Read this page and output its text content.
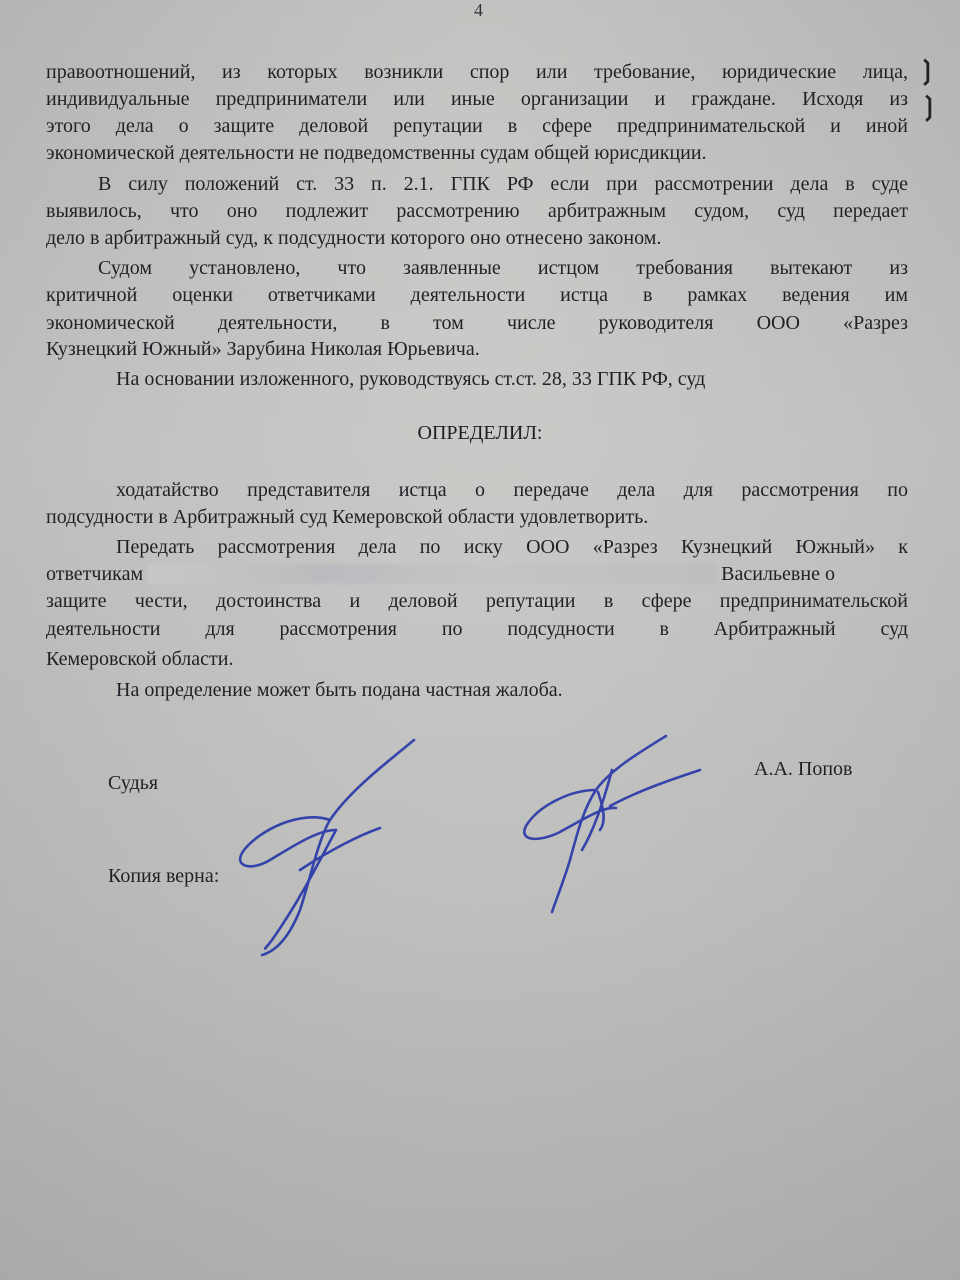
4
правоотношений, из которых возникли спор или требование, юридические лица,
индивидуальные предприниматели или иные организации и граждане. Исходя из
этого дела о защите деловой репутации в сфере предпринимательской и иной
экономической деятельности не подведомственны судам общей юрисдикции.
В силу положений ст. 33 п. 2.1. ГПК РФ если при рассмотрении дела в суде
выявилось, что оно подлежит рассмотрению арбитражным судом, суд передает
дело в арбитражный суд, к подсудности которого оно отнесено законом.
Судом установлено, что заявленные истцом требования вытекают из
критичной оценки ответчиками деятельности истца в рамках ведения им
экономической деятельности, в том числе руководителя ООО «Разрез
Кузнецкий Южный» Зарубина Николая Юрьевича.
На основании изложенного, руководствуясь ст.ст. 28, 33 ГПК РФ, суд
ОПРЕДЕЛИЛ:
ходатайство представителя истца о передаче дела для рассмотрения по
подсудности в Арбитражный суд Кемеровской области удовлетворить.
Передать рассмотрения дела по иску ООО «Разрез Кузнецкий Южный» к
ответчикам	Васильевне о
защите чести, достоинства и деловой репутации в сфере предпринимательской
деятельности для рассмотрения по подсудности в Арбитражный суд
Кемеровской области.
На определение может быть подана частная жалоба.
Судья
А.А. Попов
Копия верна:
❳
❳
